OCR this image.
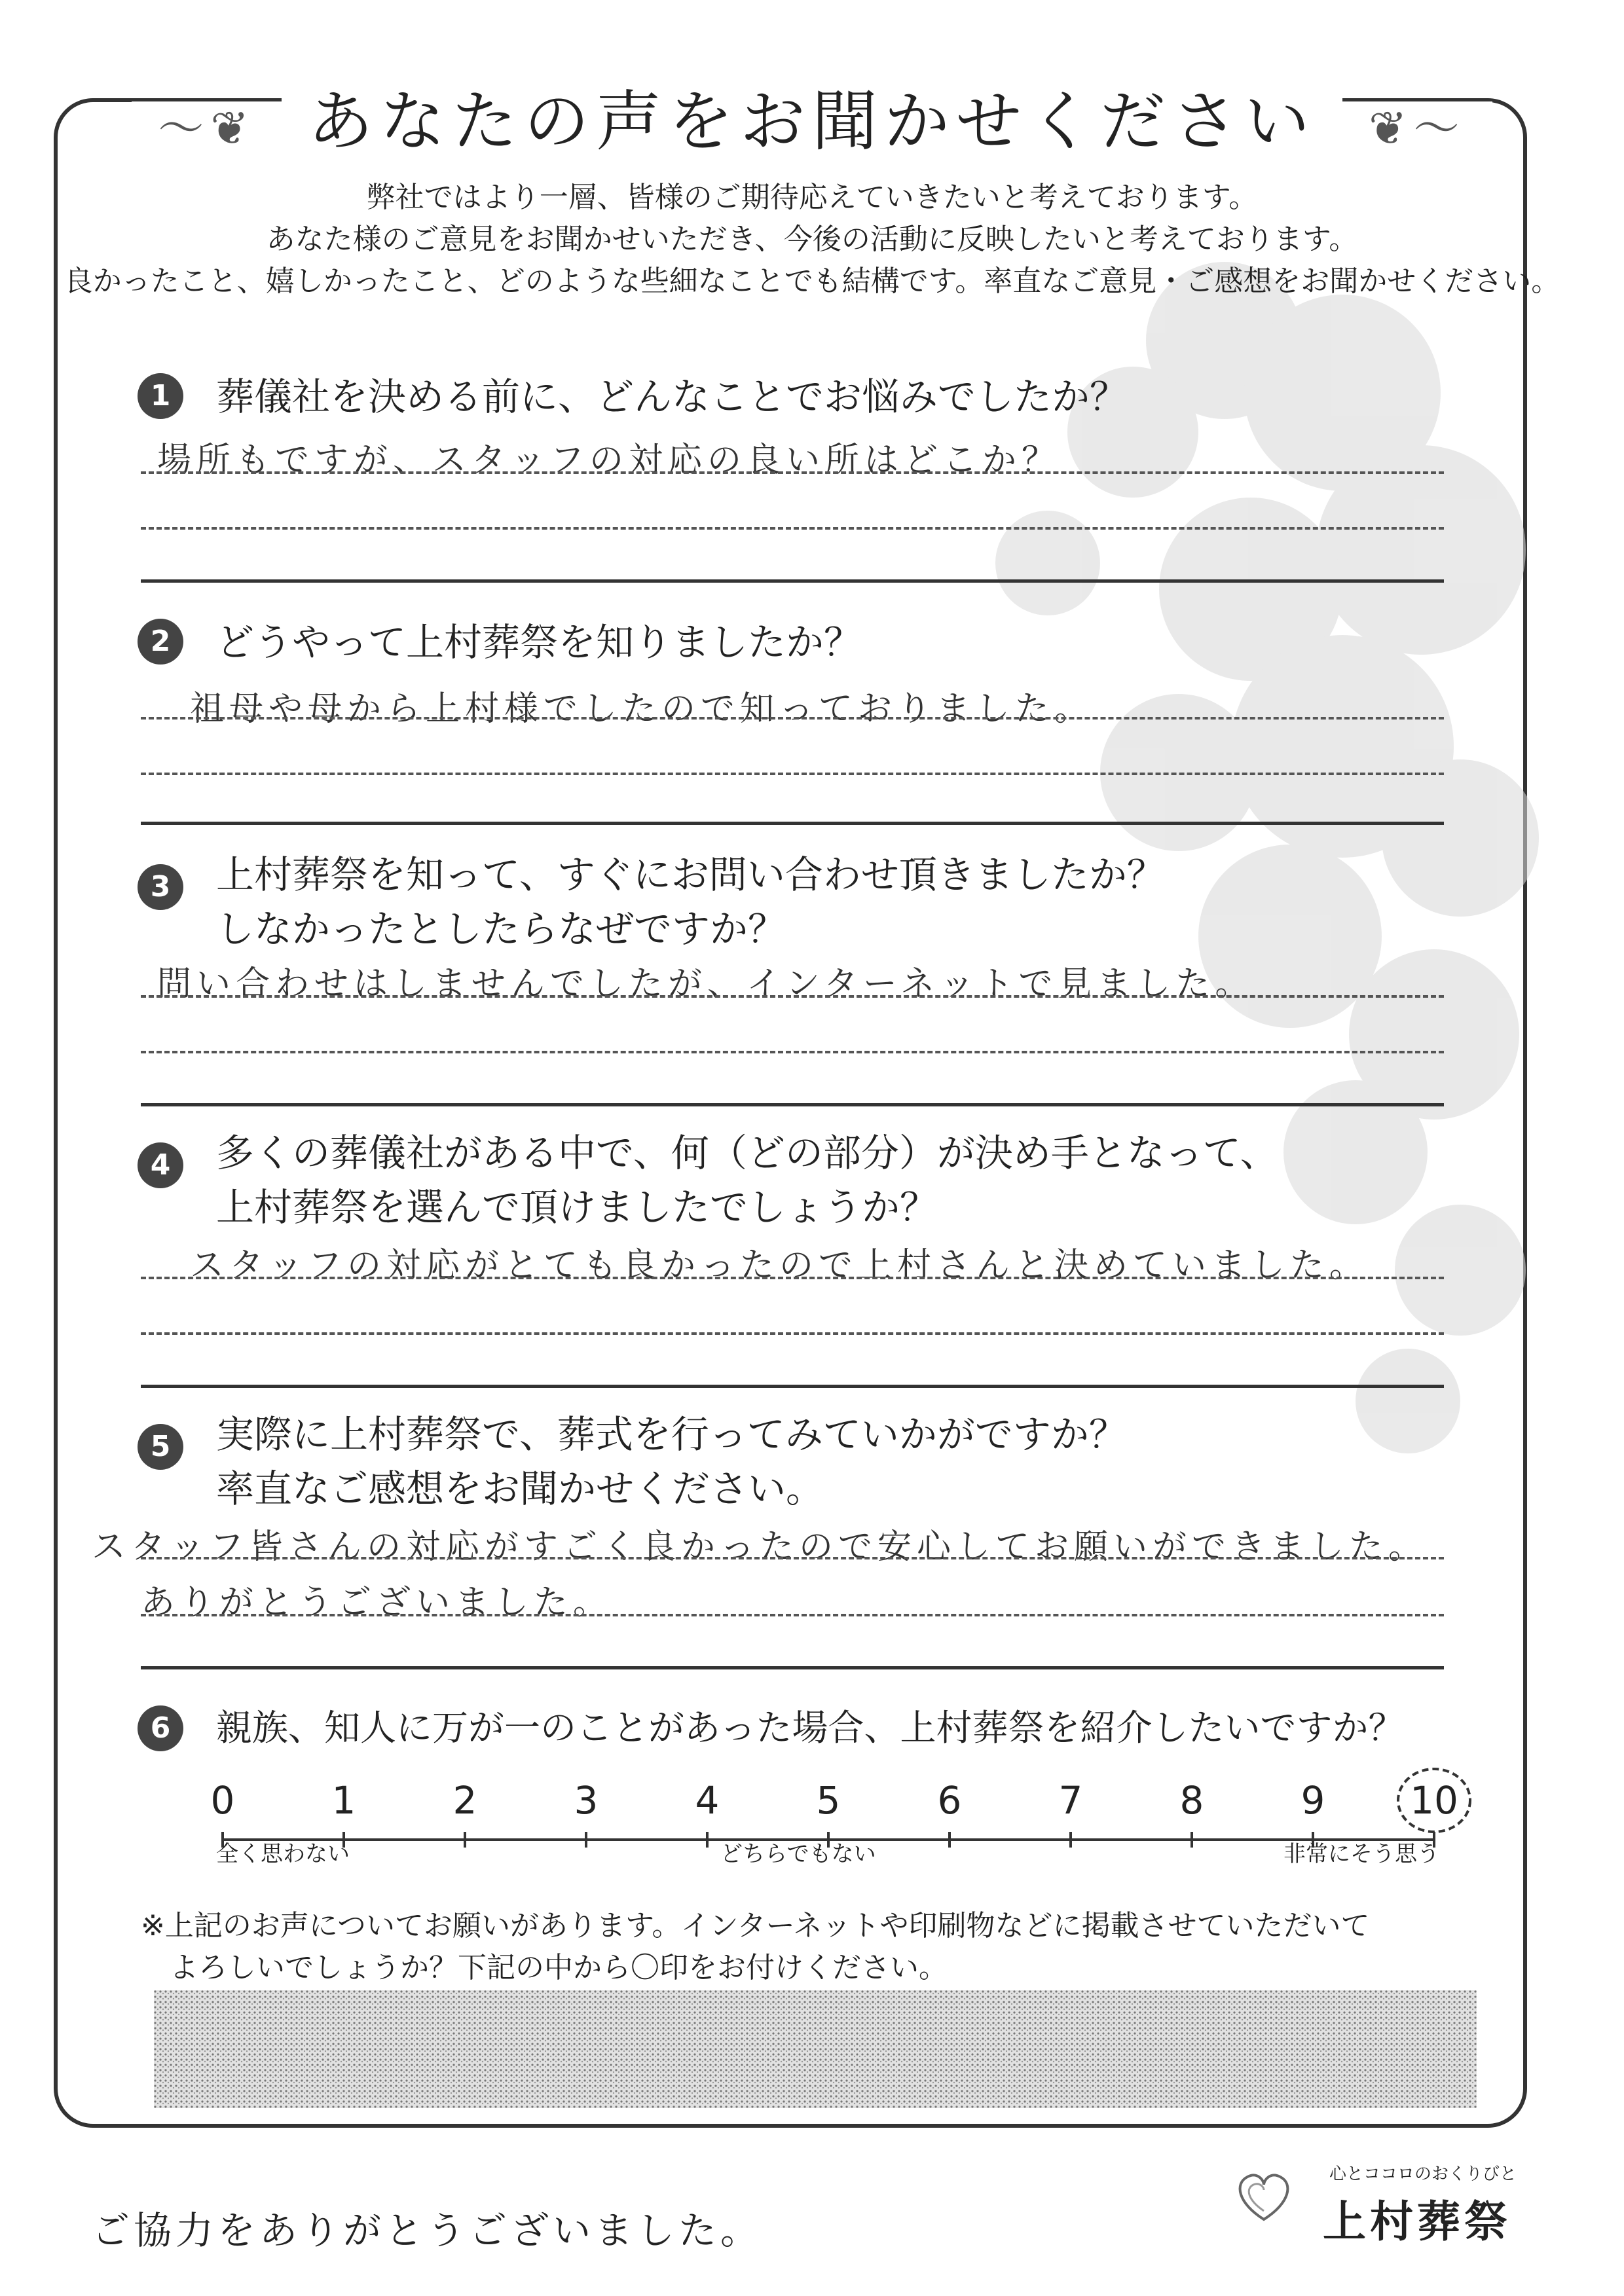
〜❦ あなたの声をお聞かせください ❦〜
弊社ではより一層、皆様のご期待応えていきたいと考えております。
あなた様のご意見をお聞かせいただき、今後の活動に反映したいと考えております。
良かったこと、嬉しかったこと、どのような些細なことでも結構です。率直なご意見・ご感想をお聞かせください。
1	葬儀社を決める前に、どんなことでお悩みでしたか？
場所もですが、スタッフの対応の良い所はどこか？
2	どうやって上村葬祭を知りましたか？
祖母や母から上村様でしたので知っておりました。
3	上村葬祭を知って、すぐにお問い合わせ頂きましたか？
しなかったとしたらなぜですか？
問い合わせはしませんでしたが、インターネットで見ました。
4	多くの葬儀社がある中で、何（どの部分）が決め手となって、
上村葬祭を選んで頂けましたでしょうか？
スタッフの対応がとても良かったので上村さんと決めていました。
5	実際に上村葬祭で、葬式を行ってみていかがですか？
率直なご感想をお聞かせください。
スタッフ皆さんの対応がすごく良かったので安心してお願いができました。
ありがとうございました。
6	親族、知人に万が一のことがあった場合、上村葬祭を紹介したいですか？
0	1	2	3	4	5	6	7	8	9 10
全く思わない	どちらでもない	非常にそう思う
※上記のお声についてお願いがあります。インターネットや印刷物などに掲載させていただいて
よろしいでしょうか？下記の中から〇印をお付けください。
ご協力をありがとうございました。
心とココロのおくりびと
上村葬祭
